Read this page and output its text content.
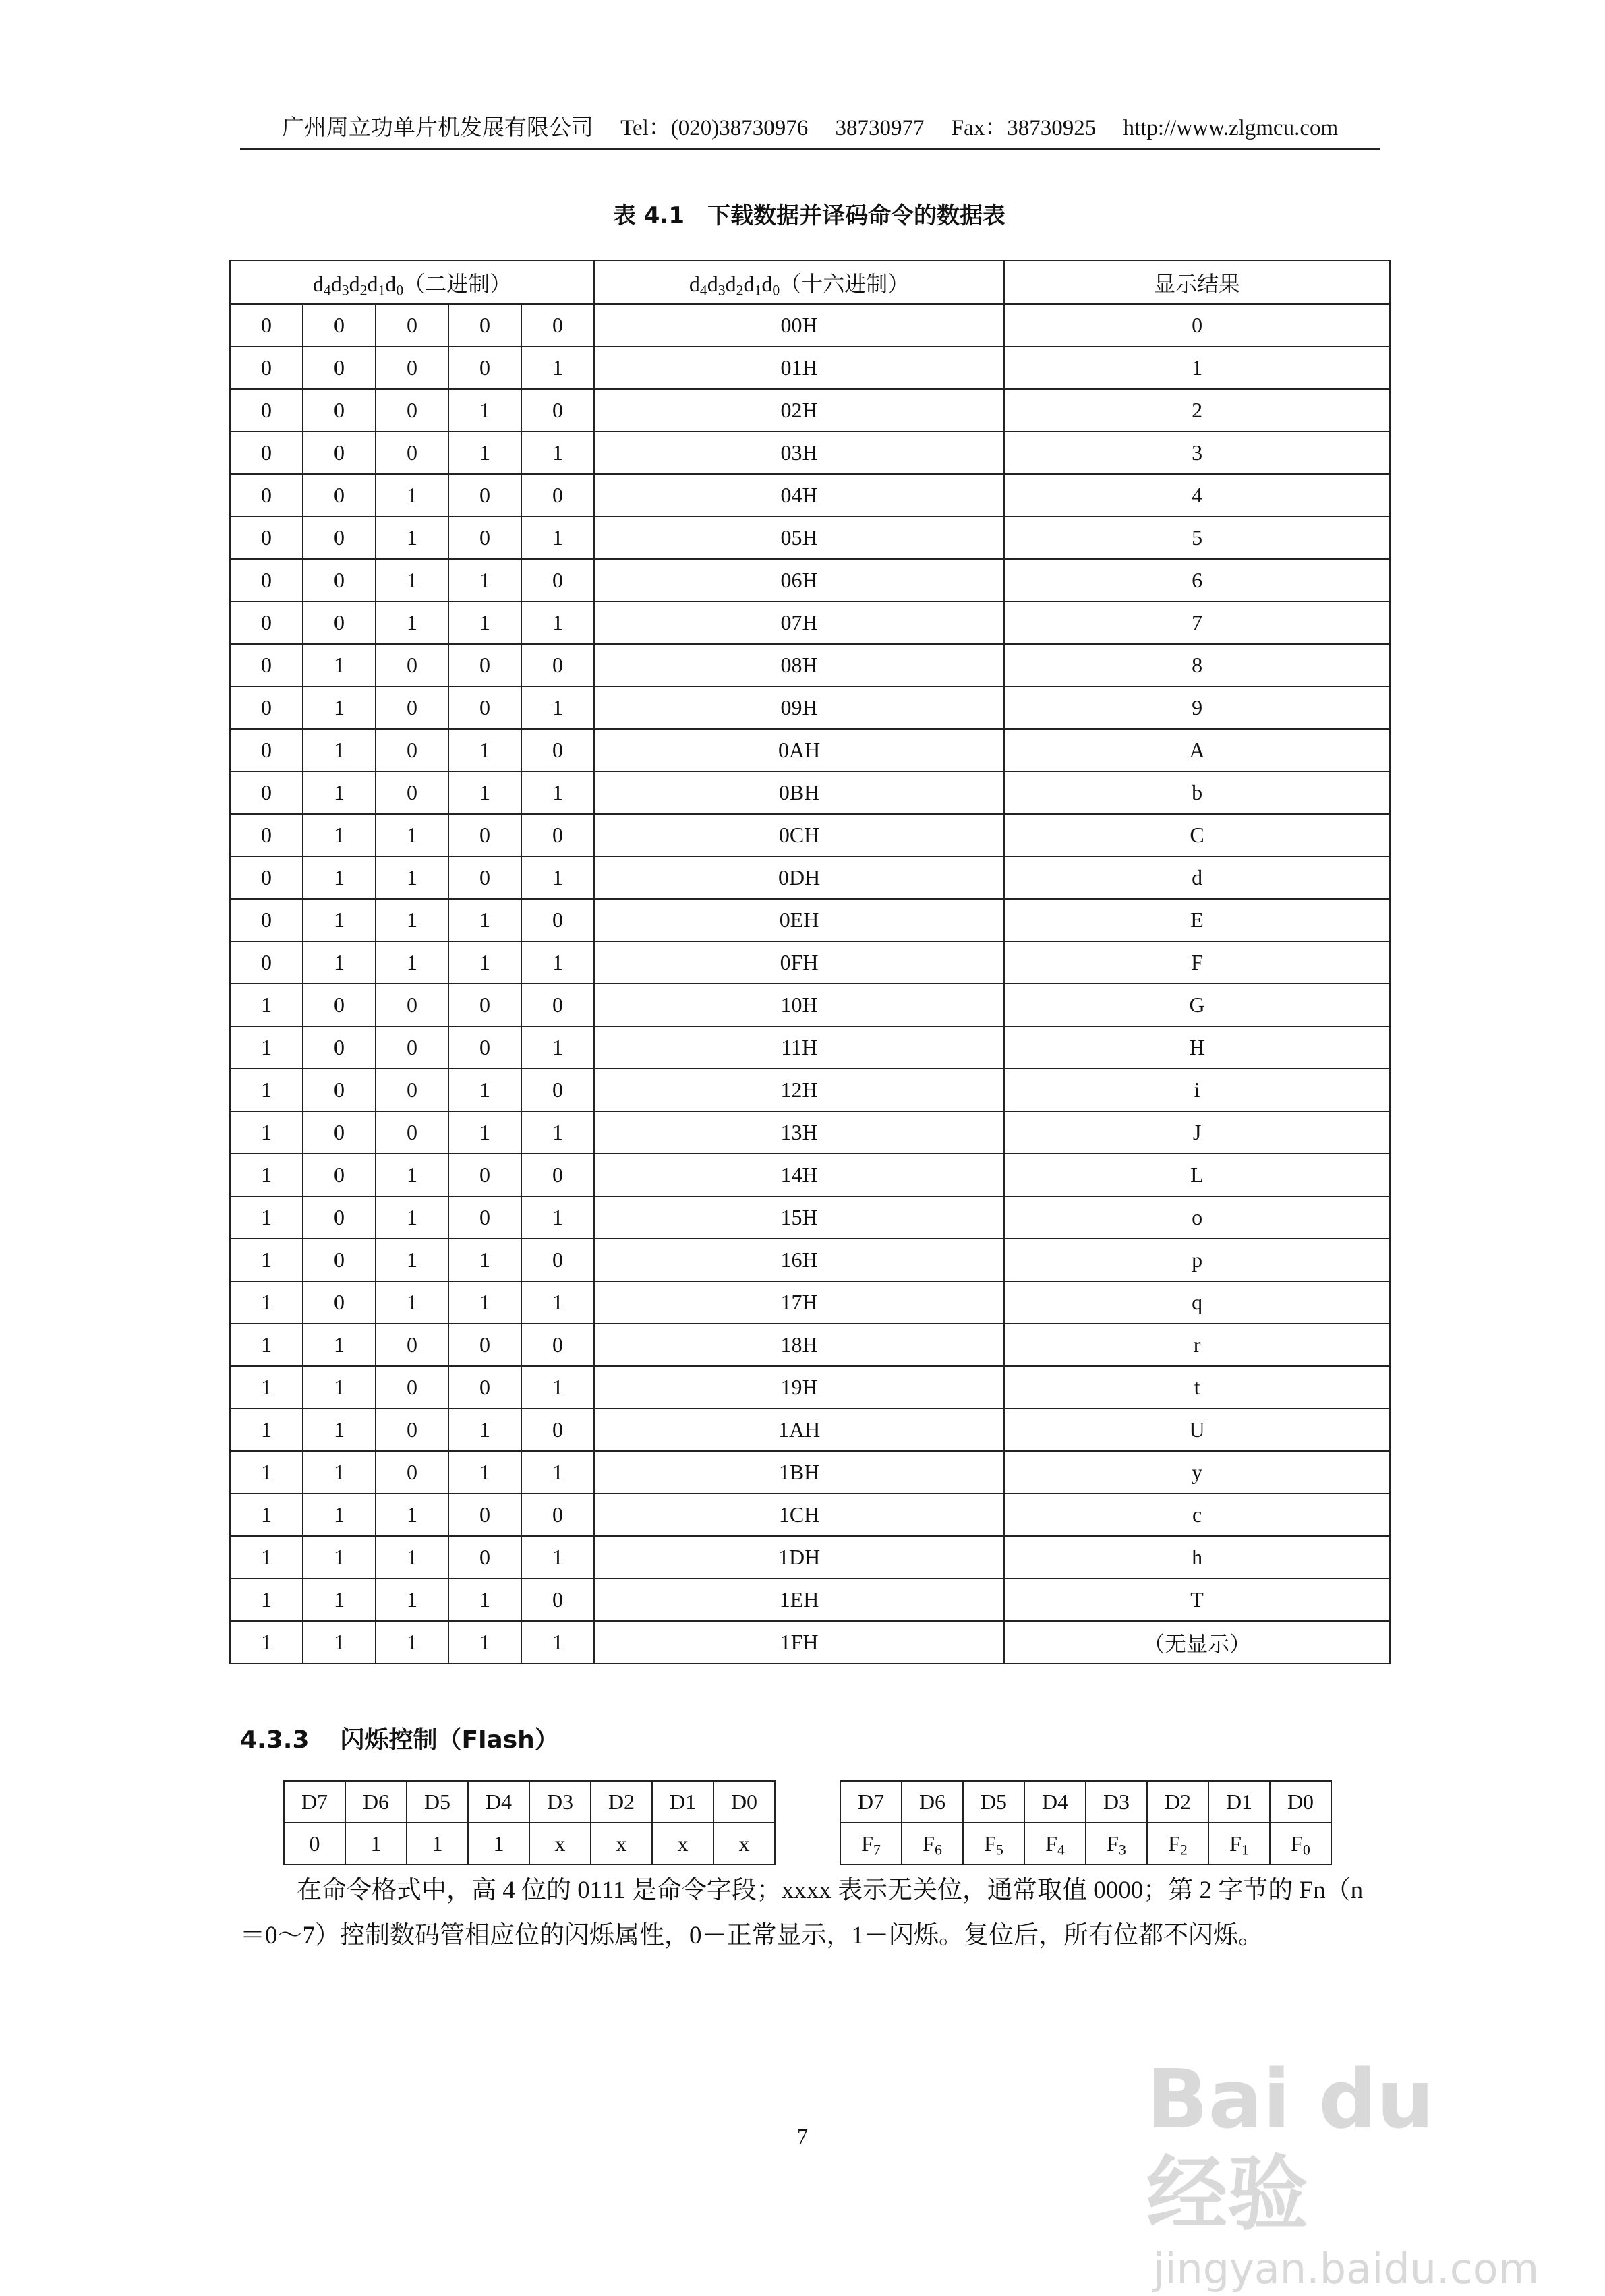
广州周立功单片机发展有限公司 Tel：(020)38730976 38730977 Fax：38730925 http://www.zlgmcu.com
表 4.1　下载数据并译码命令的数据表
$d_4d_3d_2d_1d_0$（二进制）					$d_4d_3d_2d_1d_0$（十六进制）	显示结果
0	0	0	0	0	00H	0
0	0	0	0	1	01H	1
0	0	0	1	0	02H	2
0	0	0	1	1	03H	3
0	0	1	0	0	04H	4
0	0	1	0	1	05H	5
0	0	1	1	0	06H	6
0	0	1	1	1	07H	7
0	1	0	0	0	08H	8
0	1	0	0	1	09H	9
0	1	0	1	0	0AH	A
0	1	0	1	1	0BH	b
0	1	1	0	0	0CH	C
0	1	1	0	1	0DH	d
0	1	1	1	0	0EH	E
0	1	1	1	1	0FH	F
1	0	0	0	0	10H	G
1	0	0	0	1	11H	H
1	0	0	1	0	12H	i
1	0	0	1	1	13H	J
1	0	1	0	0	14H	L
1	0	1	0	1	15H	o
1	0	1	1	0	16H	p
1	0	1	1	1	17H	q
1	1	0	0	0	18H	r
1	1	0	0	1	19H	t
1	1	0	1	0	1AH	U
1	1	0	1	1	1BH	y
1	1	1	0	0	1CH	c
1	1	1	0	1	1DH	h
1	1	1	1	0	1EH	T
1	1	1	1	1	1FH	（无显示）
4.3.3 闪烁控制（Flash）
D7	D6	D5	D4	D3	D2	D1	D0
0	1	1	1	x	x	x	x
D7	D6	D5	D4	D3	D2	D1	D0
$F_7$	$F_6$	$F_5$	$F_4$	$F_3$	$F_2$	$F_1$	$F_0$
在命令格式中，高 4 位的 0111 是命令字段；xxxx 表示无关位，通常取值 0000；第 2 字节的 Fn（n＝0～7）控制数码管相应位的闪烁属性，0－正常显示，1－闪烁。复位后，所有位都不闪烁。
7	Bai du 经验
jingyan.baidu.com
